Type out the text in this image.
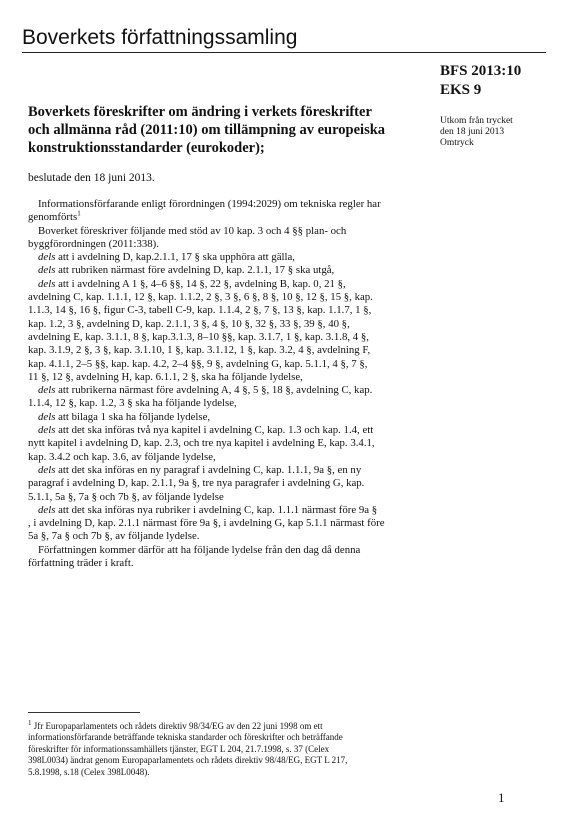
Boverkets författningssamling
BFS 2013:10
EKS 9
Utkom från trycket
den 18 juni 2013
Omtryck
Boverkets föreskrifter om ändring i verkets föreskrifter
och allmänna råd (2011:10) om tillämpning av europeiska
konstruktionsstandarder (eurokoder);
beslutade den 18 juni 2013.
Informationsförfarande enligt förordningen (1994:2029) om tekniska regler har
genomförts$^1$
Boverket föreskriver följande med stöd av 10 kap. 3 och 4 §§ plan- och
byggförordningen (2011:338).
dels att i avdelning D, kap.2.1.1, 17 § ska upphöra att gälla,
dels att rubriken närmast före avdelning D, kap. 2.1.1, 17 § ska utgå,
dels att i avdelning A 1 §, 4–6 §§, 14 §, 22 §, avdelning B, kap. 0, 21 §,
avdelning C, kap. 1.1.1, 12 §, kap. 1.1.2, 2 §, 3 §, 6 §, 8 §, 10 §, 12 §, 15 §, kap.
1.1.3, 14 §, 16 §, figur C-3, tabell C-9, kap. 1.1.4, 2 §, 7 §, 13 §, kap. 1.1.7, 1 §,
kap. 1.2, 3 §, avdelning D, kap. 2.1.1, 3 §, 4 §, 10 §, 32 §, 33 §, 39 §, 40 §,
avdelning E, kap. 3.1.1, 8 §, kap.3.1.3, 8–10 §§, kap. 3.1.7, 1 §, kap. 3.1.8, 4 §,
kap. 3.1.9, 2 §, 3 §, kap. 3.1.10, 1 §, kap. 3.1.12, 1 §, kap. 3.2, 4 §, avdelning F,
kap. 4.1.1, 2–5 §§, kap. kap. 4.2, 2–4 §§, 9 §, avdelning G, kap. 5.1.1, 4 §, 7 §,
11 §, 12 §, avdelning H, kap. 6.1.1, 2 §, ska ha följande lydelse,
dels att rubrikerna närmast före avdelning A, 4 §, 5 §, 18 §, avdelning C, kap.
1.1.4, 12 §, kap. 1.2, 3 § ska ha följande lydelse,
dels att bilaga 1 ska ha följande lydelse,
dels att det ska införas två nya kapitel i avdelning C, kap. 1.3 och kap. 1.4, ett
nytt kapitel i avdelning D, kap. 2.3, och tre nya kapitel i avdelning E, kap. 3.4.1,
kap. 3.4.2 och kap. 3.6, av följande lydelse,
dels att det ska införas en ny paragraf i avdelning C, kap. 1.1.1, 9a §, en ny
paragraf i avdelning D, kap. 2.1.1, 9a §, tre nya paragrafer i avdelning G, kap.
5.1.1, 5a §, 7a § och 7b §, av följande lydelse
dels att det ska införas nya rubriker i avdelning C, kap. 1.1.1 närmast före 9a §
, i avdelning D, kap. 2.1.1 närmast före 9a §, i avdelning G, kap 5.1.1 närmast före
5a §, 7a § och 7b §, av följande lydelse.
Författningen kommer därför att ha följande lydelse från den dag då denna
författning träder i kraft.
$^1$ Jfr Europaparlamentets och rådets direktiv 98/34/EG av den 22 juni 1998 om ett
informationsförfarande beträffande tekniska standarder och föreskrifter och beträffande
föreskrifter för informationssamhällets tjänster, EGT L 204, 21.7.1998, s. 37 (Celex
398L0034) ändrat genom Europaparlamentets och rådets direktiv 98/48/EG, EGT L 217,
5.8.1998, s.18 (Celex 398L0048).
1
